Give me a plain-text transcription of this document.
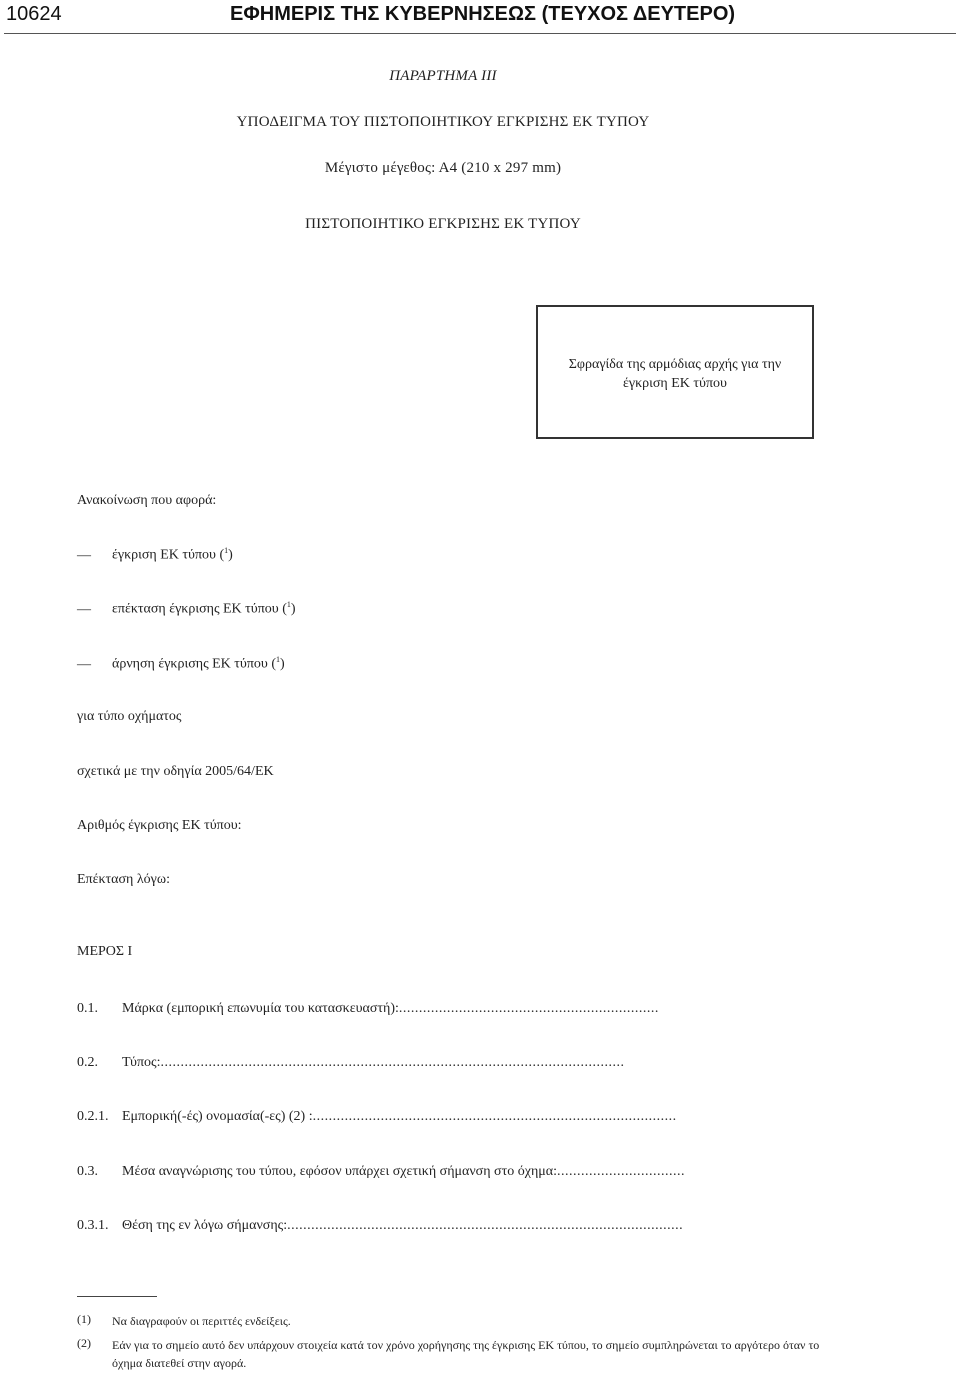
10624	ΕΦΗΜΕΡΙΣ ΤΗΣ ΚΥΒΕΡΝΗΣΕΩΣ (ΤΕΥΧΟΣ ΔΕΥΤΕΡΟ)
ΠΑΡΑΡΤΗΜΑ III
ΥΠΟΔΕΙΓΜΑ ΤΟΥ ΠΙΣΤΟΠΟΙΗΤΙΚΟΥ ΕΓΚΡΙΣΗΣ ΕΚ ΤΥΠΟΥ
Μέγιστο μέγεθος: Α4 (210 x 297 mm)
ΠΙΣΤΟΠΟΙΗΤΙΚΟ ΕΓΚΡΙΣΗΣ ΕΚ ΤΥΠΟΥ
Σφραγίδα της αρμόδιας αρχής για την
έγκριση ΕΚ τύπου
Ανακοίνωση που αφορά:
— έγκριση ΕΚ τύπου ($^1$)
— επέκταση έγκρισης ΕΚ τύπου ($^1$)
— άρνηση έγκρισης ΕΚ τύπου ($^1$)
για τύπο οχήματος
σχετικά με την οδηγία 2005/64/ΕΚ
Αριθμός έγκρισης ΕΚ τύπου:
Επέκταση λόγω:
ΜΕΡΟΣ Ι
0.1. Μάρκα (εμπορική επωνυμία του κατασκευαστή):.................................................................
0.2. Τύπος:....................................................................................................................
0.2.1. Εμπορική(-ές) ονομασία(-ες) (2) :...........................................................................................
0.3. Μέσα αναγνώρισης του τύπου, εφόσον υπάρχει σχετική σήμανση στο όχημα:................................
0.3.1. Θέση της εν λόγω σήμανσης:...................................................................................................
(1) Να διαγραφούν οι περιττές ενδείξεις.
(2) Εάν για το σημείο αυτό δεν υπάρχουν στοιχεία κατά τον χρόνο χορήγησης της έγκρισης ΕΚ τύπου, το σημείο συμπληρώνεται το αργότερο όταν το όχημα διατεθεί στην αγορά.
